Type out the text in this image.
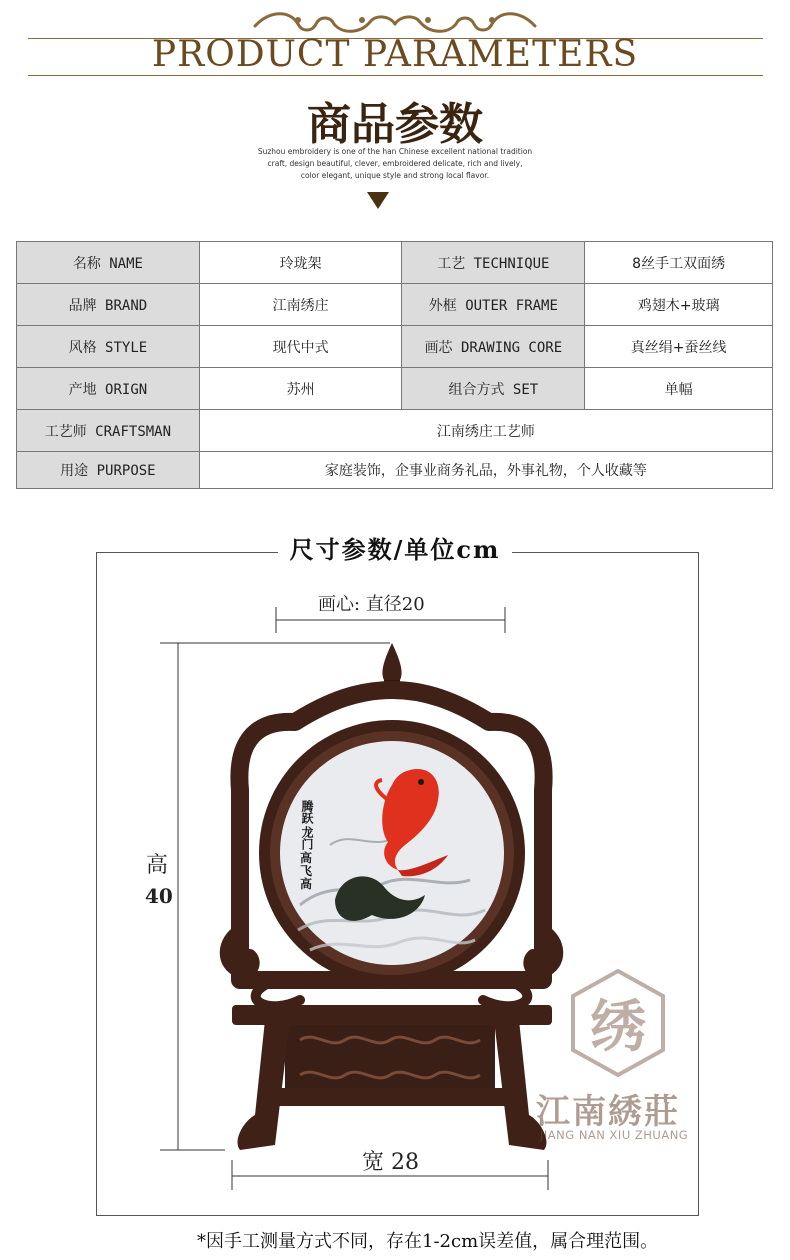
PRODUCT PARAMETERS
商品参数
Suzhou embroidery is one of the han Chinese excellent national tradition
craft, design beautiful, clever, embroidered delicate, rich and lively,
color elegant, unique style and strong local flavor.
名称 NAME	玲珑架	工艺 TECHNIQUE	8丝手工双面绣
品牌 BRAND	江南绣庄	外框 OUTER FRAME	鸡翅木+玻璃
风格 STYLE	现代中式	画芯 DRAWING CORE	真丝绢+蚕丝线
产地 ORIGN	苏州	组合方式 SET	单幅
工艺师 CRAFTSMAN	江南绣庄工艺师		
用途 PURPOSE	家庭装饰，企事业商务礼品，外事礼物，个人收藏等		
尺寸参数/单位cm
画心: 直径20
高
40
宽 28
腾跃
龙门
高
飞
高
绣
江南綉莊
JIANG NAN XIU ZHUANG
*因手工测量方式不同，存在1-2cm误差值，属合理范围。
